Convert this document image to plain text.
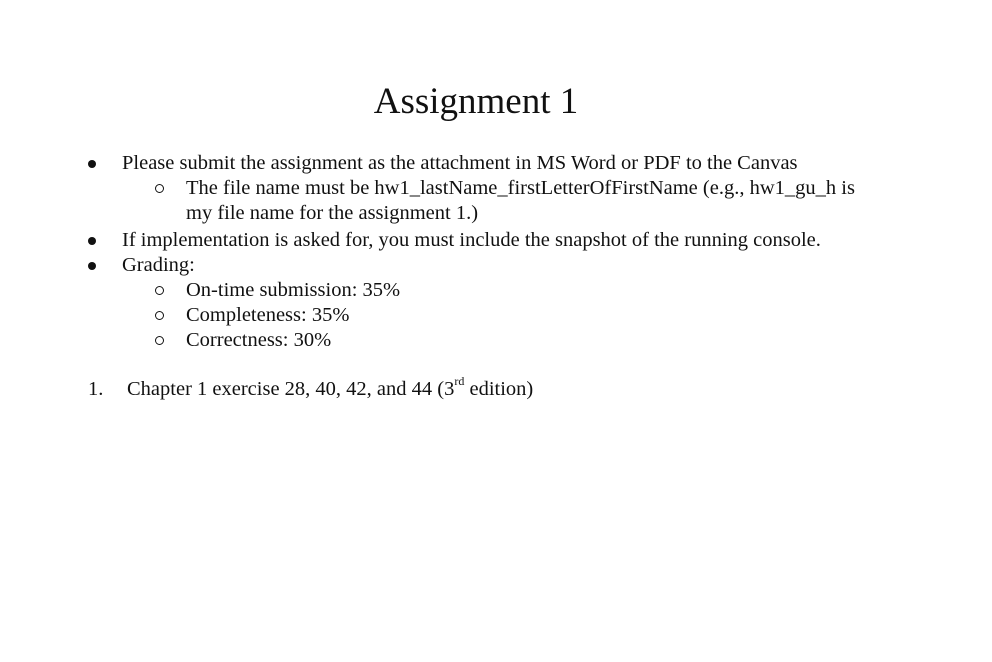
Assignment 1
Please submit the assignment as the attachment in MS Word or PDF to the Canvas
The file name must be hw1_lastName_firstLetterOfFirstName (e.g., hw1_gu_h is
my file name for the assignment 1.)
If implementation is asked for, you must include the snapshot of the running console.
Grading:
On-time submission: 35%
Completeness: 35%
Correctness: 30%
1. Chapter 1 exercise 28, 40, 42, and 44 (3rd edition)
